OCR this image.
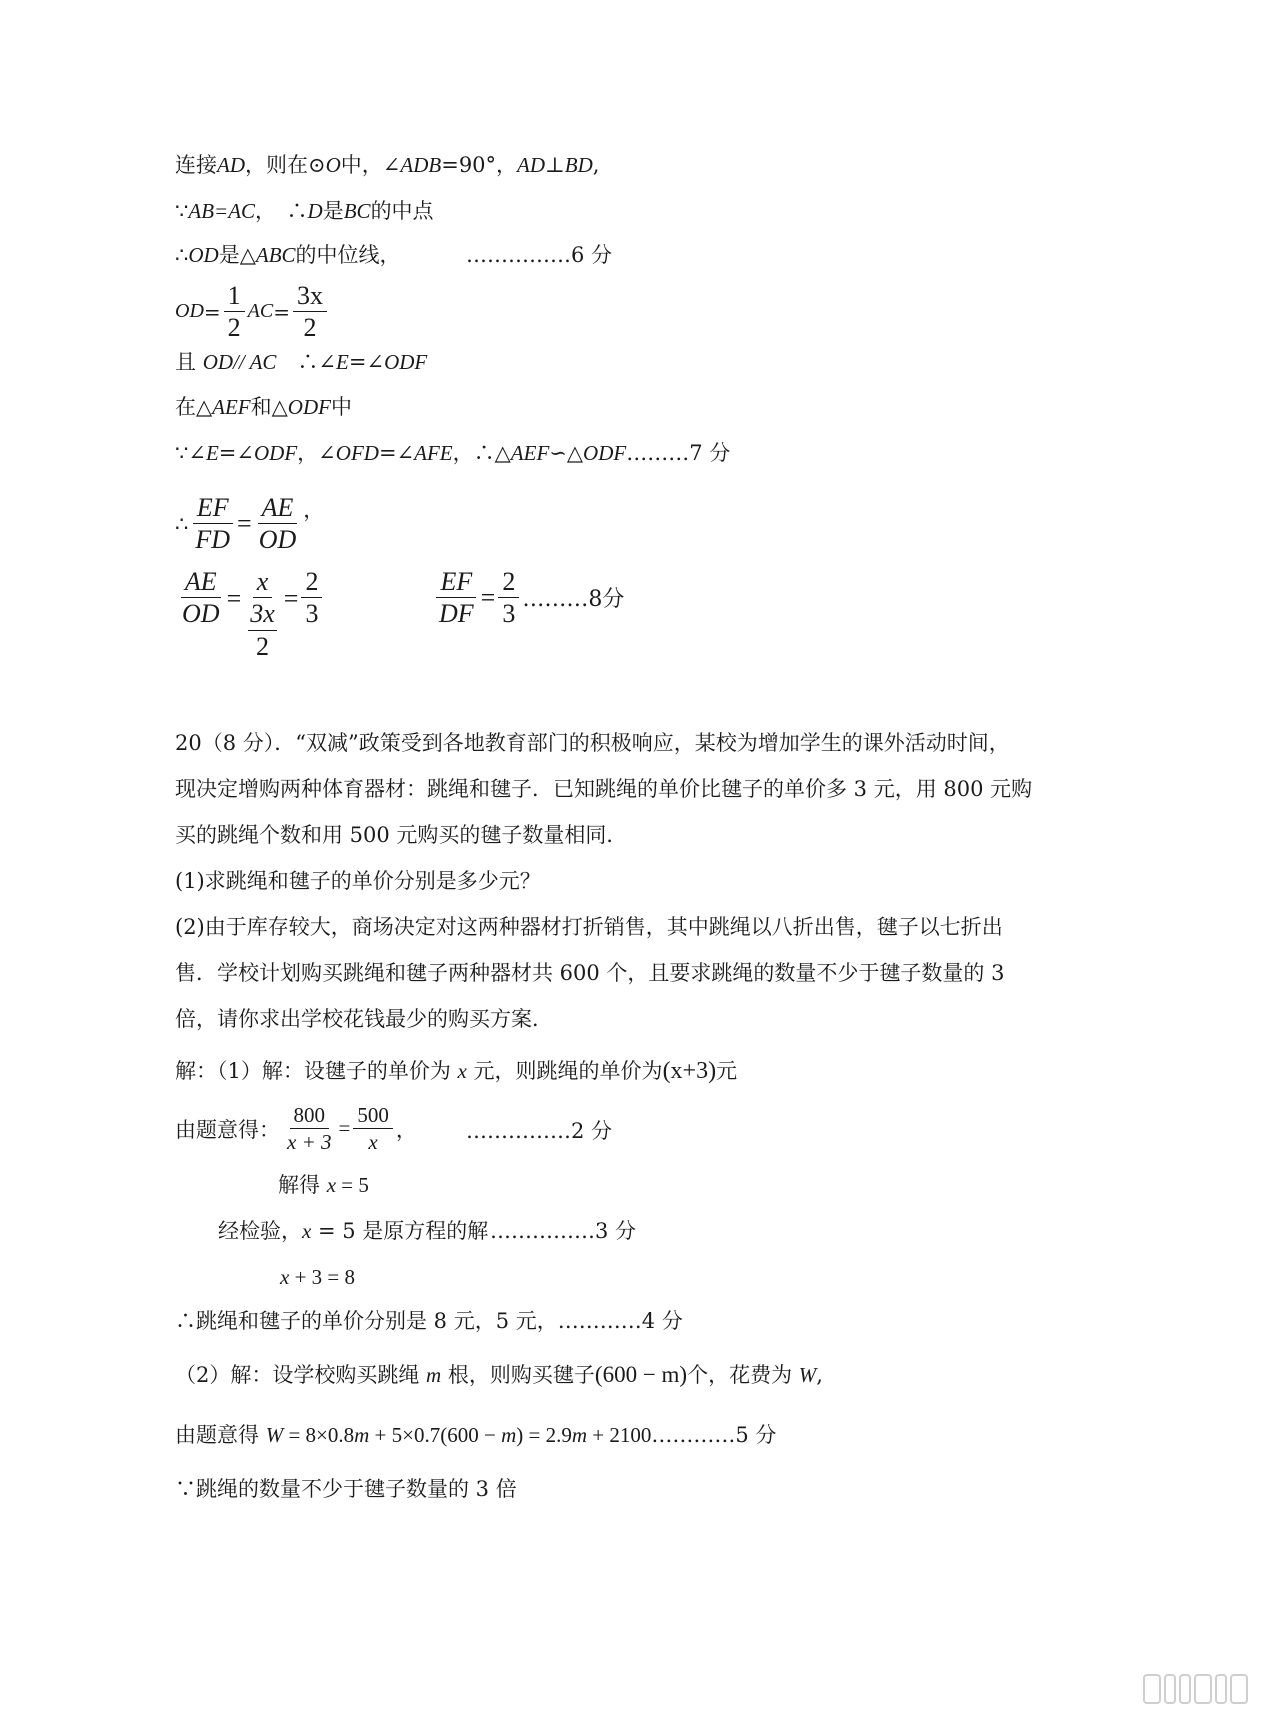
连接AD，则在⊙O中，∠ADB=90°，AD⊥BD,
∵AB=AC，　∴D是BC的中点
∴OD是△ABC的中位线，	……………6 分
OD = $\frac{1}{2}$ AC = $\frac{3x}{2}$
且 OD// AC　∴∠E=∠ODF
在△AEF和△ODF中
∵∠E=∠ODF，∠OFD=∠AFE，∴△AEF∽△ODF………7 分
∴ $\frac{EF}{FD} = \frac{AE}{OD}$ ，
$\frac{AE}{OD} = x$
3x
$2 = \frac{2}{3}$	$\frac{EF}{DF} = \frac{2}{3}$ ………8分
20（8 分）．“双减”政策受到各地教育部门的积极响应，某校为增加学生的课外活动时间，
现决定增购两种体育器材：跳绳和毽子．已知跳绳的单价比毽子的单价多 3 元，用 800 元购
买的跳绳个数和用 500 元购买的毽子数量相同．
(1)求跳绳和毽子的单价分别是多少元？
(2)由于库存较大，商场决定对这两种器材打折销售，其中跳绳以八折出售，毽子以七折出
售．学校计划购买跳绳和毽子两种器材共 600 个，且要求跳绳的数量不少于毽子数量的 3
倍，请你求出学校花钱最少的购买方案．
解：（1）解：设毽子的单价为 x 元，则跳绳的单价为(x+3)元
由题意得： $\frac{800}{x + 3} = \frac{500}{x}$ ， ……………2 分
解得 x = 5
经检验，x = 5 是原方程的解 ……………3 分
x + 3 = 8
∴跳绳和毽子的单价分别是 8 元，5 元，…………4 分
（2）解：设学校购买跳绳 m 根，则购买毽子(600 − m)个，花费为 W,
由题意得 W = 8×0.8m + 5×0.7(600 − m) = 2.9m + 2100…………5 分
∵跳绳的数量不少于毽子数量的 3 倍
